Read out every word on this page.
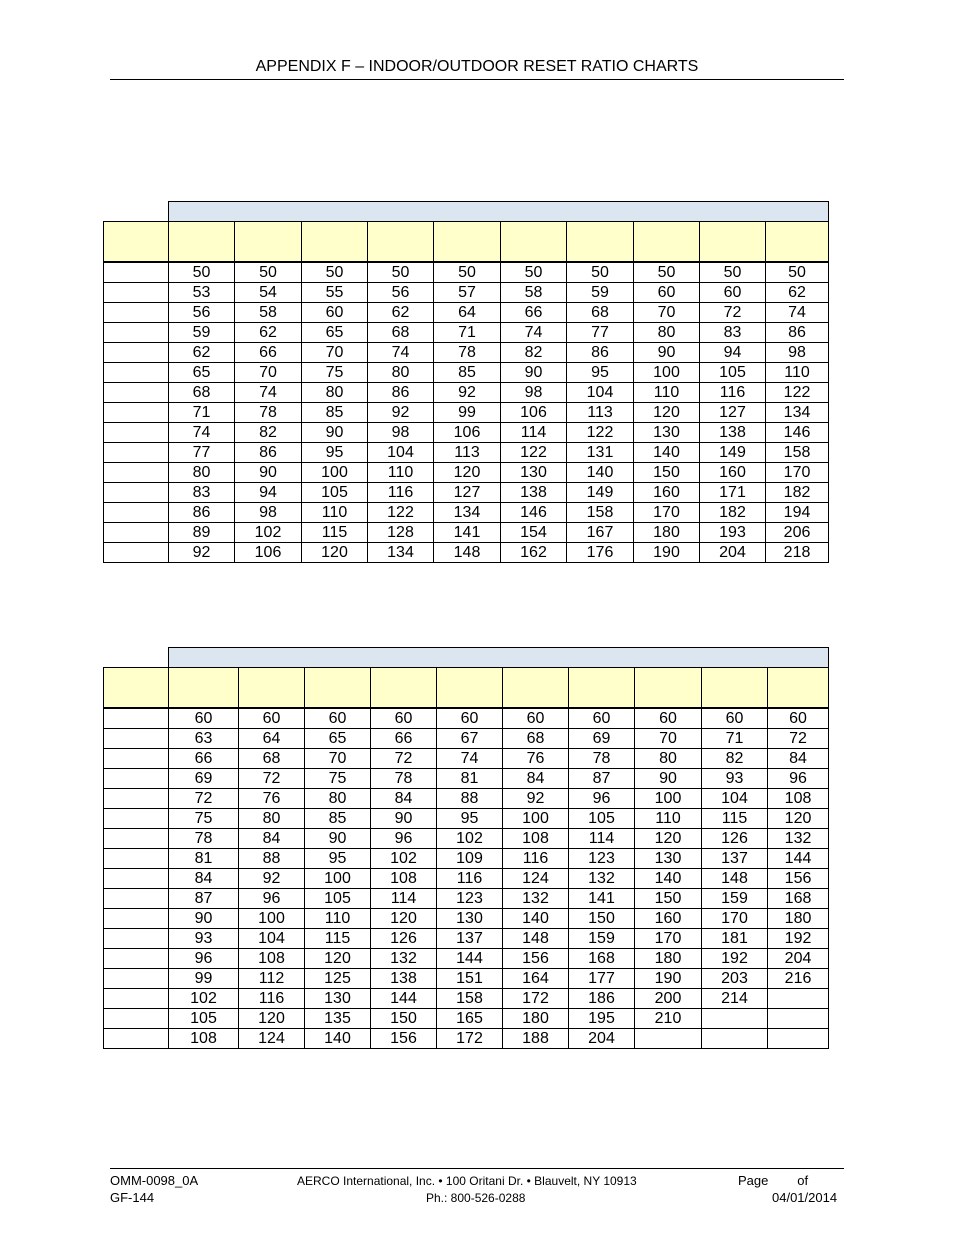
APPENDIX F – INDOOR/OUTDOOR RESET RATIO CHARTS

	50	50	50	50	50	50	50	50	50	50
	53	54	55	56	57	58	59	60	60	62
	56	58	60	62	64	66	68	70	72	74
	59	62	65	68	71	74	77	80	83	86
	62	66	70	74	78	82	86	90	94	98
	65	70	75	80	85	90	95	100	105	110
	68	74	80	86	92	98	104	110	116	122
	71	78	85	92	99	106	113	120	127	134
	74	82	90	98	106	114	122	130	138	146
	77	86	95	104	113	122	131	140	149	158
	80	90	100	110	120	130	140	150	160	170
	83	94	105	116	127	138	149	160	171	182
	86	98	110	122	134	146	158	170	182	194
	89	102	115	128	141	154	167	180	193	206
	92	106	120	134	148	162	176	190	204	218

	60	60	60	60	60	60	60	60	60	60
	63	64	65	66	67	68	69	70	71	72
	66	68	70	72	74	76	78	80	82	84
	69	72	75	78	81	84	87	90	93	96
	72	76	80	84	88	92	96	100	104	108
	75	80	85	90	95	100	105	110	115	120
	78	84	90	96	102	108	114	120	126	132
	81	88	95	102	109	116	123	130	137	144
	84	92	100	108	116	124	132	140	148	156
	87	96	105	114	123	132	141	150	159	168
	90	100	110	120	130	140	150	160	170	180
	93	104	115	126	137	148	159	170	181	192
	96	108	120	132	144	156	168	180	192	204
	99	112	125	138	151	164	177	190	203	216
	102	116	130	144	158	172	186	200	214	
	105	120	135	150	165	180	195	210		
	108	124	140	156	172	188	204			
OMM-0098_0A
GF-144
AERCO International, Inc. • 100 Oritani Dr. • Blauvelt, NY 10913
Ph.: 800-526-0288
Page        of
04/01/2014
